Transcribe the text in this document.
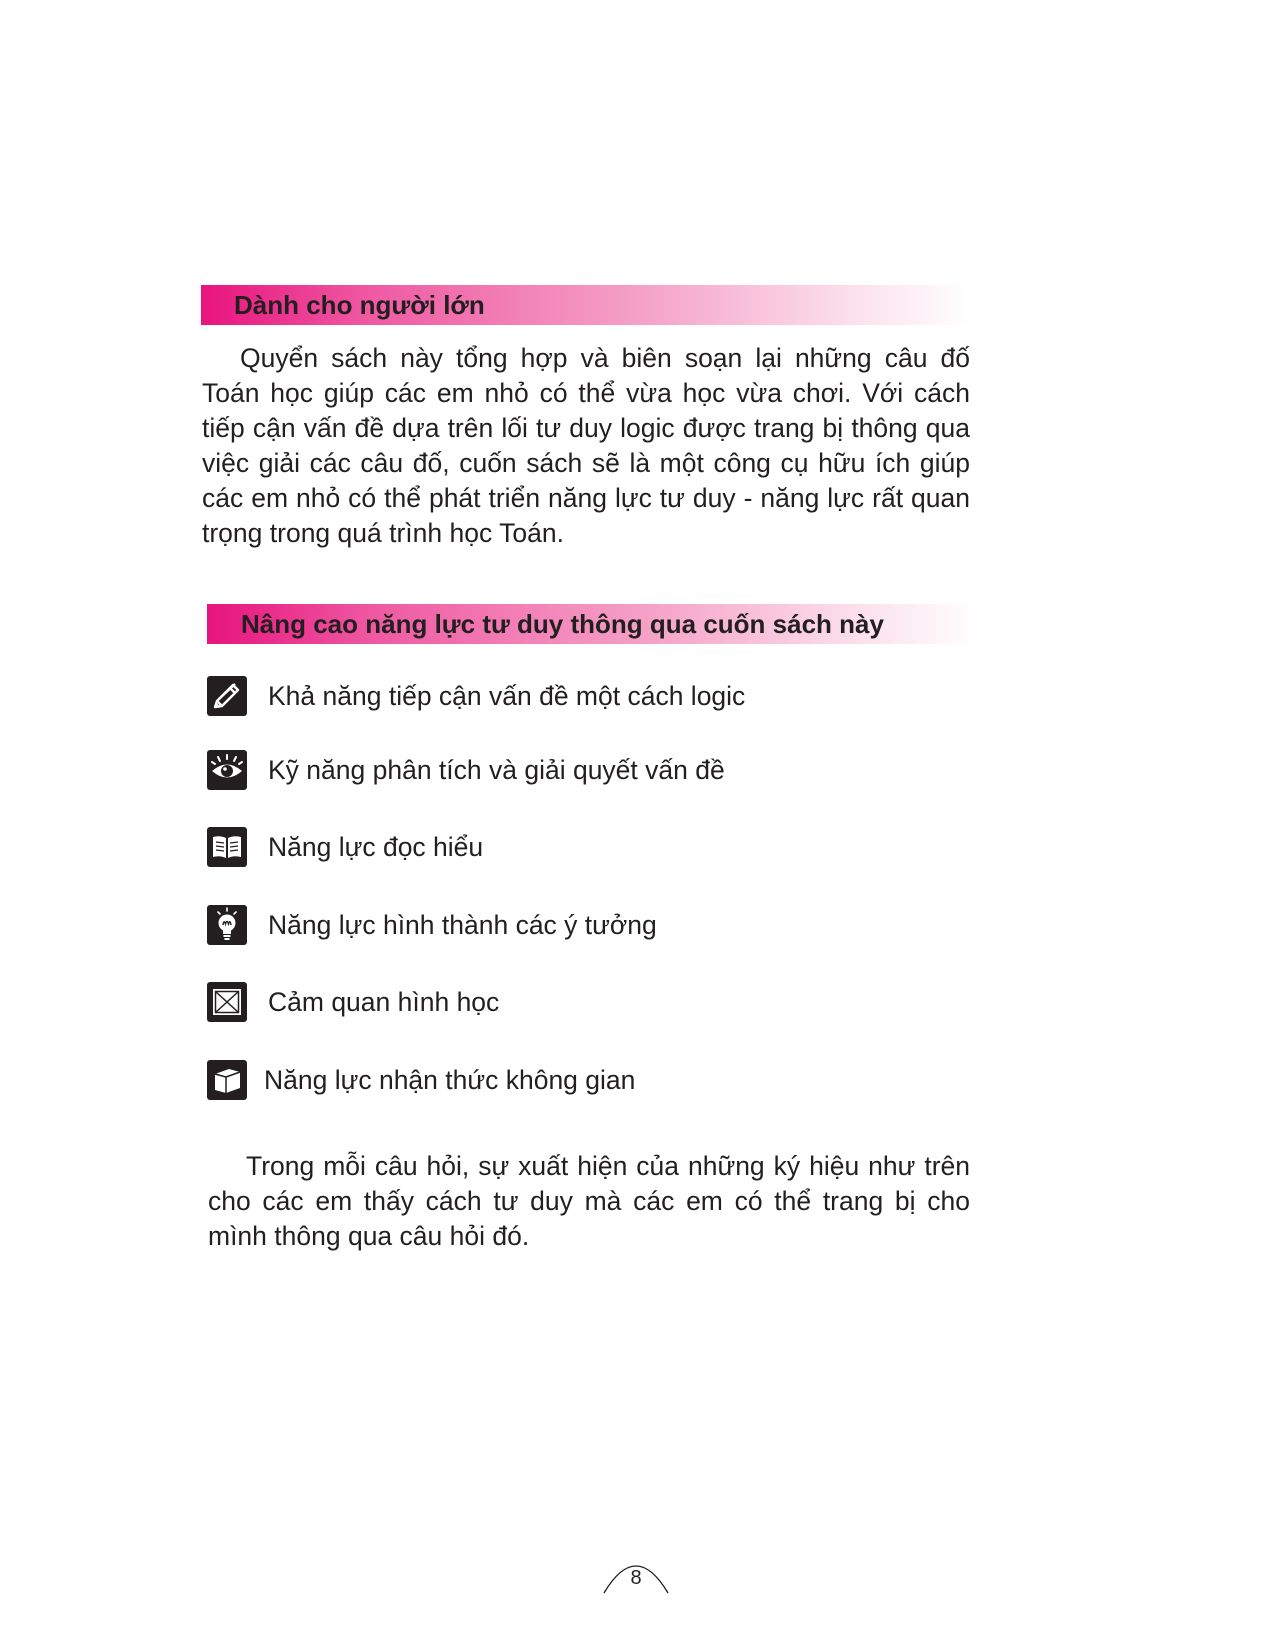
Dành cho người lớn

Quyển sách này tổng hợp và biên soạn lại những câu đố Toán học giúp các em nhỏ có thể vừa học vừa chơi. Với cách tiếp cận vấn đề dựa trên lối tư duy logic được trang bị thông qua việc giải các câu đố, cuốn sách sẽ là một công cụ hữu ích giúp các em nhỏ có thể phát triển năng lực tư duy - năng lực rất quan trọng trong quá trình học Toán.

Nâng cao năng lực tư duy thông qua cuốn sách này
Khả năng tiếp cận vấn đề một cách logic
Kỹ năng phân tích và giải quyết vấn đề
Năng lực đọc hiểu
Năng lực hình thành các ý tưởng
Cảm quan hình học
Năng lực nhận thức không gian

Trong mỗi câu hỏi, sự xuất hiện của những ký hiệu như trên cho các em thấy cách tư duy mà các em có thể trang bị cho mình thông qua câu hỏi đó.

8
